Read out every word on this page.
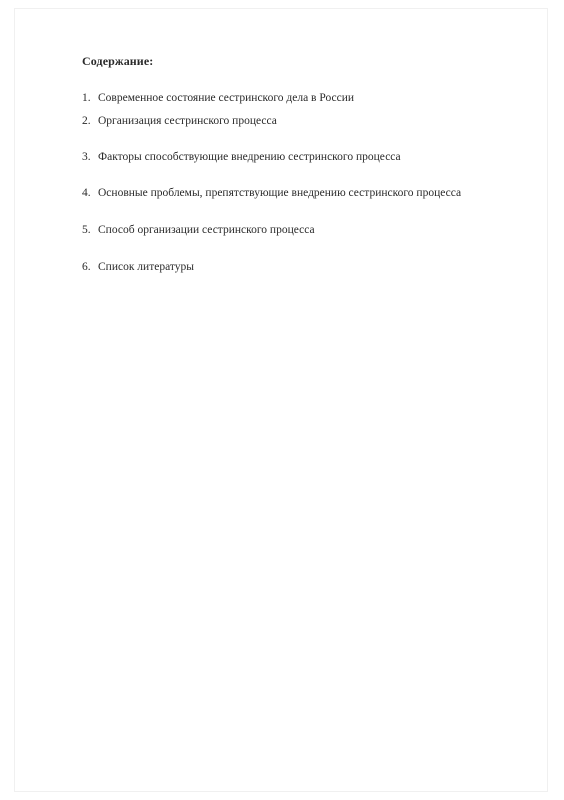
Содержание:
1. Современное состояние сестринского дела в России
2. Организация сестринского процесса
3. Факторы способствующие внедрению сестринского процесса
4. Основные проблемы, препятствующие внедрению сестринского процесса
5. Способ организации сестринского процесса
6. Список литературы
